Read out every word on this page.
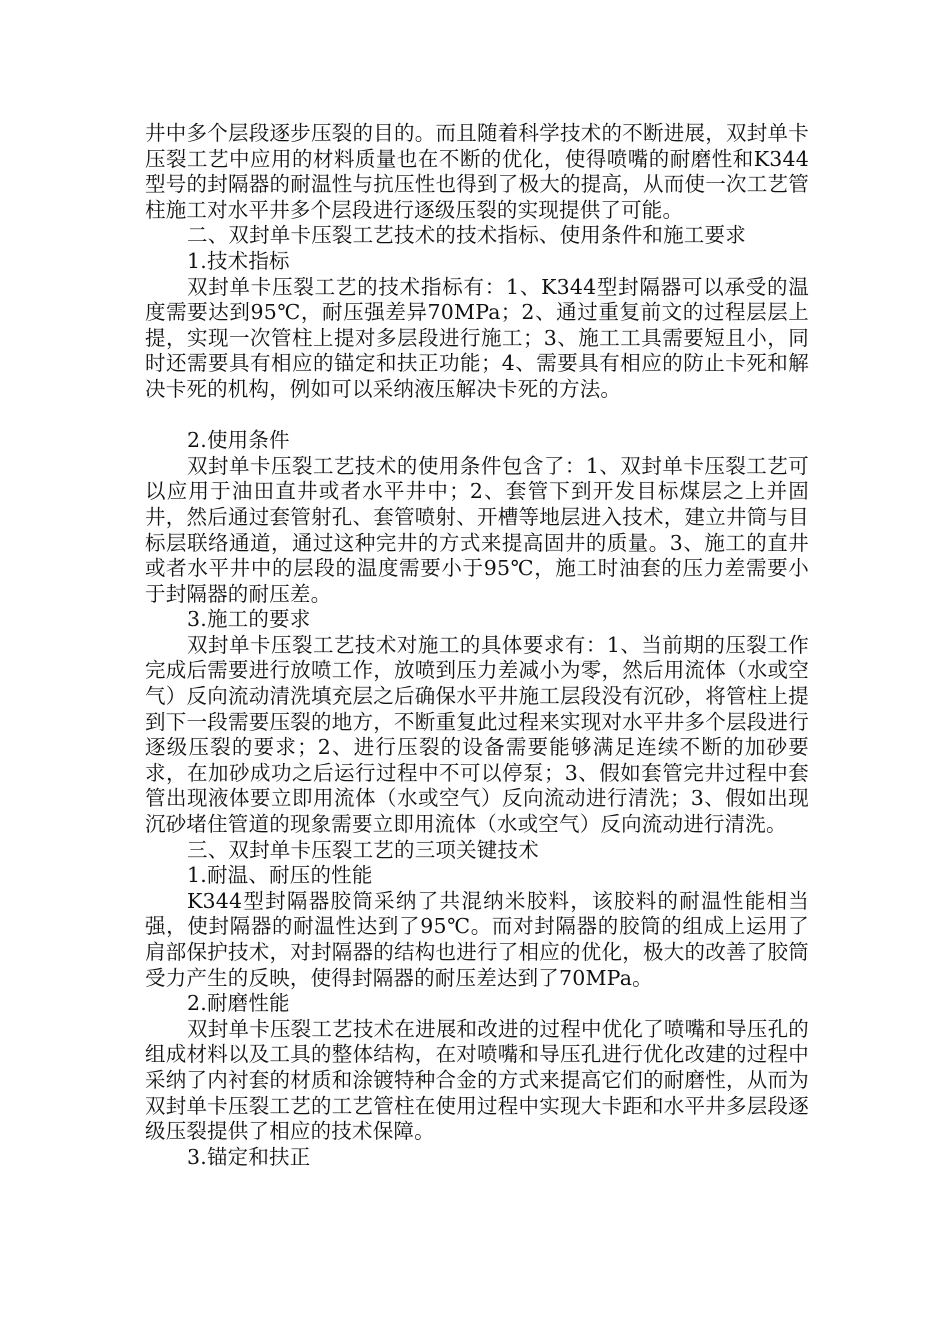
井中多个层段逐步压裂的目的。而且随着科学技术的不断进展，双封单卡压裂工艺中应用的材料质量也在不断的优化，使得喷嘴的耐磨性和K344型号的封隔器的耐温性与抗压性也得到了极大的提高，从而使一次工艺管柱施工对水平井多个层段进行逐级压裂的实现提供了可能。

二、双封单卡压裂工艺技术的技术指标、使用条件和施工要求

1.技术指标

双封单卡压裂工艺的技术指标有：1、K344型封隔器可以承受的温度需要达到95℃，耐压强差异70MPa；2、通过重复前文的过程层层上提，实现一次管柱上提对多层段进行施工；3、施工工具需要短且小，同时还需要具有相应的锚定和扶正功能；4、需要具有相应的防止卡死和解决卡死的机构，例如可以采纳液压解决卡死的方法。

2.使用条件

双封单卡压裂工艺技术的使用条件包含了：1、双封单卡压裂工艺可以应用于油田直井或者水平井中；2、套管下到开发目标煤层之上并固井，然后通过套管射孔、套管喷射、开槽等地层进入技术，建立井筒与目标层联络通道，通过这种完井的方式来提高固井的质量。3、施工的直井或者水平井中的层段的温度需要小于95℃，施工时油套的压力差需要小于封隔器的耐压差。

3.施工的要求

双封单卡压裂工艺技术对施工的具体要求有：1、当前期的压裂工作完成后需要进行放喷工作，放喷到压力差减小为零，然后用流体（水或空气）反向流动清洗填充层之后确保水平井施工层段没有沉砂，将管柱上提到下一段需要压裂的地方，不断重复此过程来实现对水平井多个层段进行逐级压裂的要求；2、进行压裂的设备需要能够满足连续不断的加砂要求，在加砂成功之后运行过程中不可以停泵；3、假如套管完井过程中套管出现液体要立即用流体（水或空气）反向流动进行清洗；3、假如出现沉砂堵住管道的现象需要立即用流体（水或空气）反向流动进行清洗。

三、双封单卡压裂工艺的三项关键技术

1.耐温、耐压的性能

K344型封隔器胶筒采纳了共混纳米胶料，该胶料的耐温性能相当强，使封隔器的耐温性达到了95℃。而对封隔器的胶筒的组成上运用了肩部保护技术，对封隔器的结构也进行了相应的优化，极大的改善了胶筒受力产生的反映，使得封隔器的耐压差达到了70MPa。

2.耐磨性能

双封单卡压裂工艺技术在进展和改进的过程中优化了喷嘴和导压孔的组成材料以及工具的整体结构，在对喷嘴和导压孔进行优化改建的过程中采纳了内衬套的材质和涂镀特种合金的方式来提高它们的耐磨性，从而为双封单卡压裂工艺的工艺管柱在使用过程中实现大卡距和水平井多层段逐级压裂提供了相应的技术保障。

3.锚定和扶正
